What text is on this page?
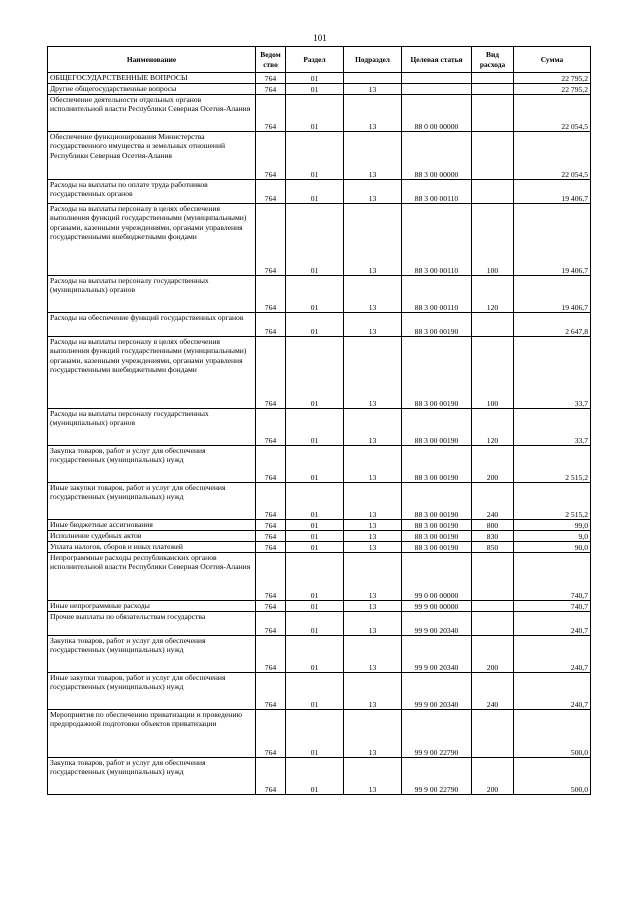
101
Наименование	Ведом ство	Раздел	Подраздел	Целевая статья	Вид расхода	Сумма
ОБЩЕГОСУДАРСТВЕННЫЕ ВОПРОСЫ	764	01				22 795,2
Другие общегосударственные вопросы	764	01	13			22 795,2
Обеспечение деятельности отдельных органов исполнительной власти Республики Северная Осетия-Алания	764	01	13	88 0 00 00000		22 054,5
Обеспечение функционирования Министерства государственного имущества и земельных отношений Республики Северная Осетия-Алания	764	01	13	88 3 00 00000		22 054,5
Расходы на выплаты по оплате труда работников государственных органов	764	01	13	88 3 00 00110		19 406,7
Расходы на выплаты персоналу в целях обеспечения выполнения функций государственными (муниципальными) органами, казенными учреждениями, органами управления государственными внебюджетными фондами	764	01	13	88 3 00 00110	100	19 406,7
Расходы на выплаты персоналу государственных (муниципальных) органов	764	01	13	88 3 00 00110	120	19 406,7
Расходы на обеспечение функций государственных органов	764	01	13	88 3 00 00190		2 647,8
Расходы на выплаты персоналу в целях обеспечения выполнения функций государственными (муниципальными) органами, казенными учреждениями, органами управления государственными внебюджетными фондами	764	01	13	88 3 00 00190	100	33,7
Расходы на выплаты персоналу государственных (муниципальных) органов	764	01	13	88 3 00 00190	120	33,7
Закупка товаров, работ и услуг для обеспечения государственных (муниципальных) нужд	764	01	13	88 3 00 00190	200	2 515,2
Иные закупки товаров, работ и услуг для обеспечения государственных (муниципальных) нужд	764	01	13	88 3 00 00190	240	2 515,2
Иные бюджетные ассигнования	764	01	13	88 3 00 00190	800	99,0
Исполнение судебных актов	764	01	13	88 3 00 00190	830	9,0
Уплата налогов, сборов и иных платежей	764	01	13	88 3 00 00190	850	90,0
Непрограммные расходы республиканских органов исполнительной власти Республики Северная Осетия-Алания	764	01	13	99 0 00 00000		740,7
Иные непрограммные расходы	764	01	13	99 9 00 00000		740,7
Прочие выплаты по обязательствам государства	764	01	13	99 9 00 20340		240,7
Закупка товаров, работ и услуг для обеспечения государственных (муниципальных) нужд	764	01	13	99 9 00 20340	200	240,7
Иные закупки товаров, работ и услуг для обеспечения государственных (муниципальных) нужд	764	01	13	99 9 00 20340	240	240,7
Мероприятия по обеспечению приватизации и проведению предпродажной подготовки объектов приватизации	764	01	13	99 9 00 22790		500,0
Закупка товаров, работ и услуг для обеспечения государственных (муниципальных) нужд	764	01	13	99 9 00 22790	200	500,0
